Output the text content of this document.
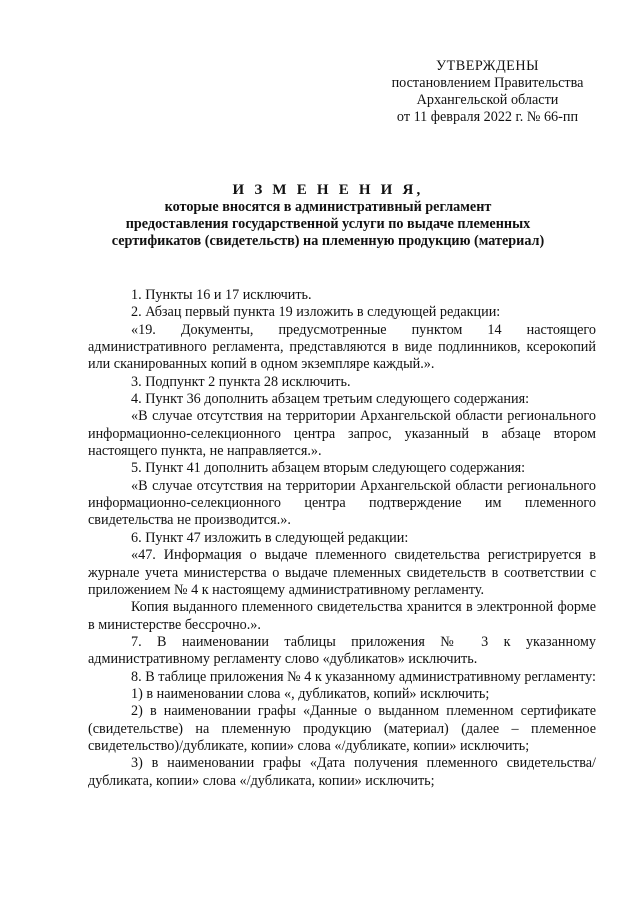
УТВЕРЖДЕНЫ
постановлением Правительства
Архангельской области
от 11 февраля 2022 г. № 66-пп
И З М Е Н Е Н И Я,
которые вносятся в административный регламент
предоставления государственной услуги по выдаче племенных
сертификатов (свидетельств) на племенную продукцию (материал)

1. Пункты 16 и 17 исключить.

2. Абзац первый пункта 19 изложить в следующей редакции:

«19. Документы, предусмотренные пунктом 14 настоящего административного регламента, представляются в виде подлинников, ксерокопий или сканированных копий в одном экземпляре каждый.».

3. Подпункт 2 пункта 28 исключить.

4. Пункт 36 дополнить абзацем третьим следующего содержания:

«В случае отсутствия на территории Архангельской области регионального информационно-селекционного центра запрос, указанный в абзаце втором настоящего пункта, не направляется.».

5. Пункт 41 дополнить абзацем вторым следующего содержания:

«В случае отсутствия на территории Архангельской области регионального информационно-селекционного центра подтверждение им племенного свидетельства не производится.».

6. Пункт 47 изложить в следующей редакции:

«47. Информация о выдаче племенного свидетельства регистрируется в журнале учета министерства о выдаче племенных свидетельств в соответствии с приложением № 4 к настоящему административному регламенту.

Копия выданного племенного свидетельства хранится в электронной форме в министерстве бессрочно.».

7. В наименовании таблицы приложения № 3 к указанному административному регламенту слово «дубликатов» исключить.

8. В таблице приложения № 4 к указанному административному регламенту:

1) в наименовании слова «, дубликатов, копий» исключить;

2) в наименовании графы «Данные о выданном племенном сертификате (свидетельстве) на племенную продукцию (материал) (далее – племенное свидетельство)/дубликате, копии» слова «/дубликате, копии» исключить;

3) в наименовании графы «Дата получения племенного свидетельства/ дубликата, копии» слова «/дубликата, копии» исключить;
